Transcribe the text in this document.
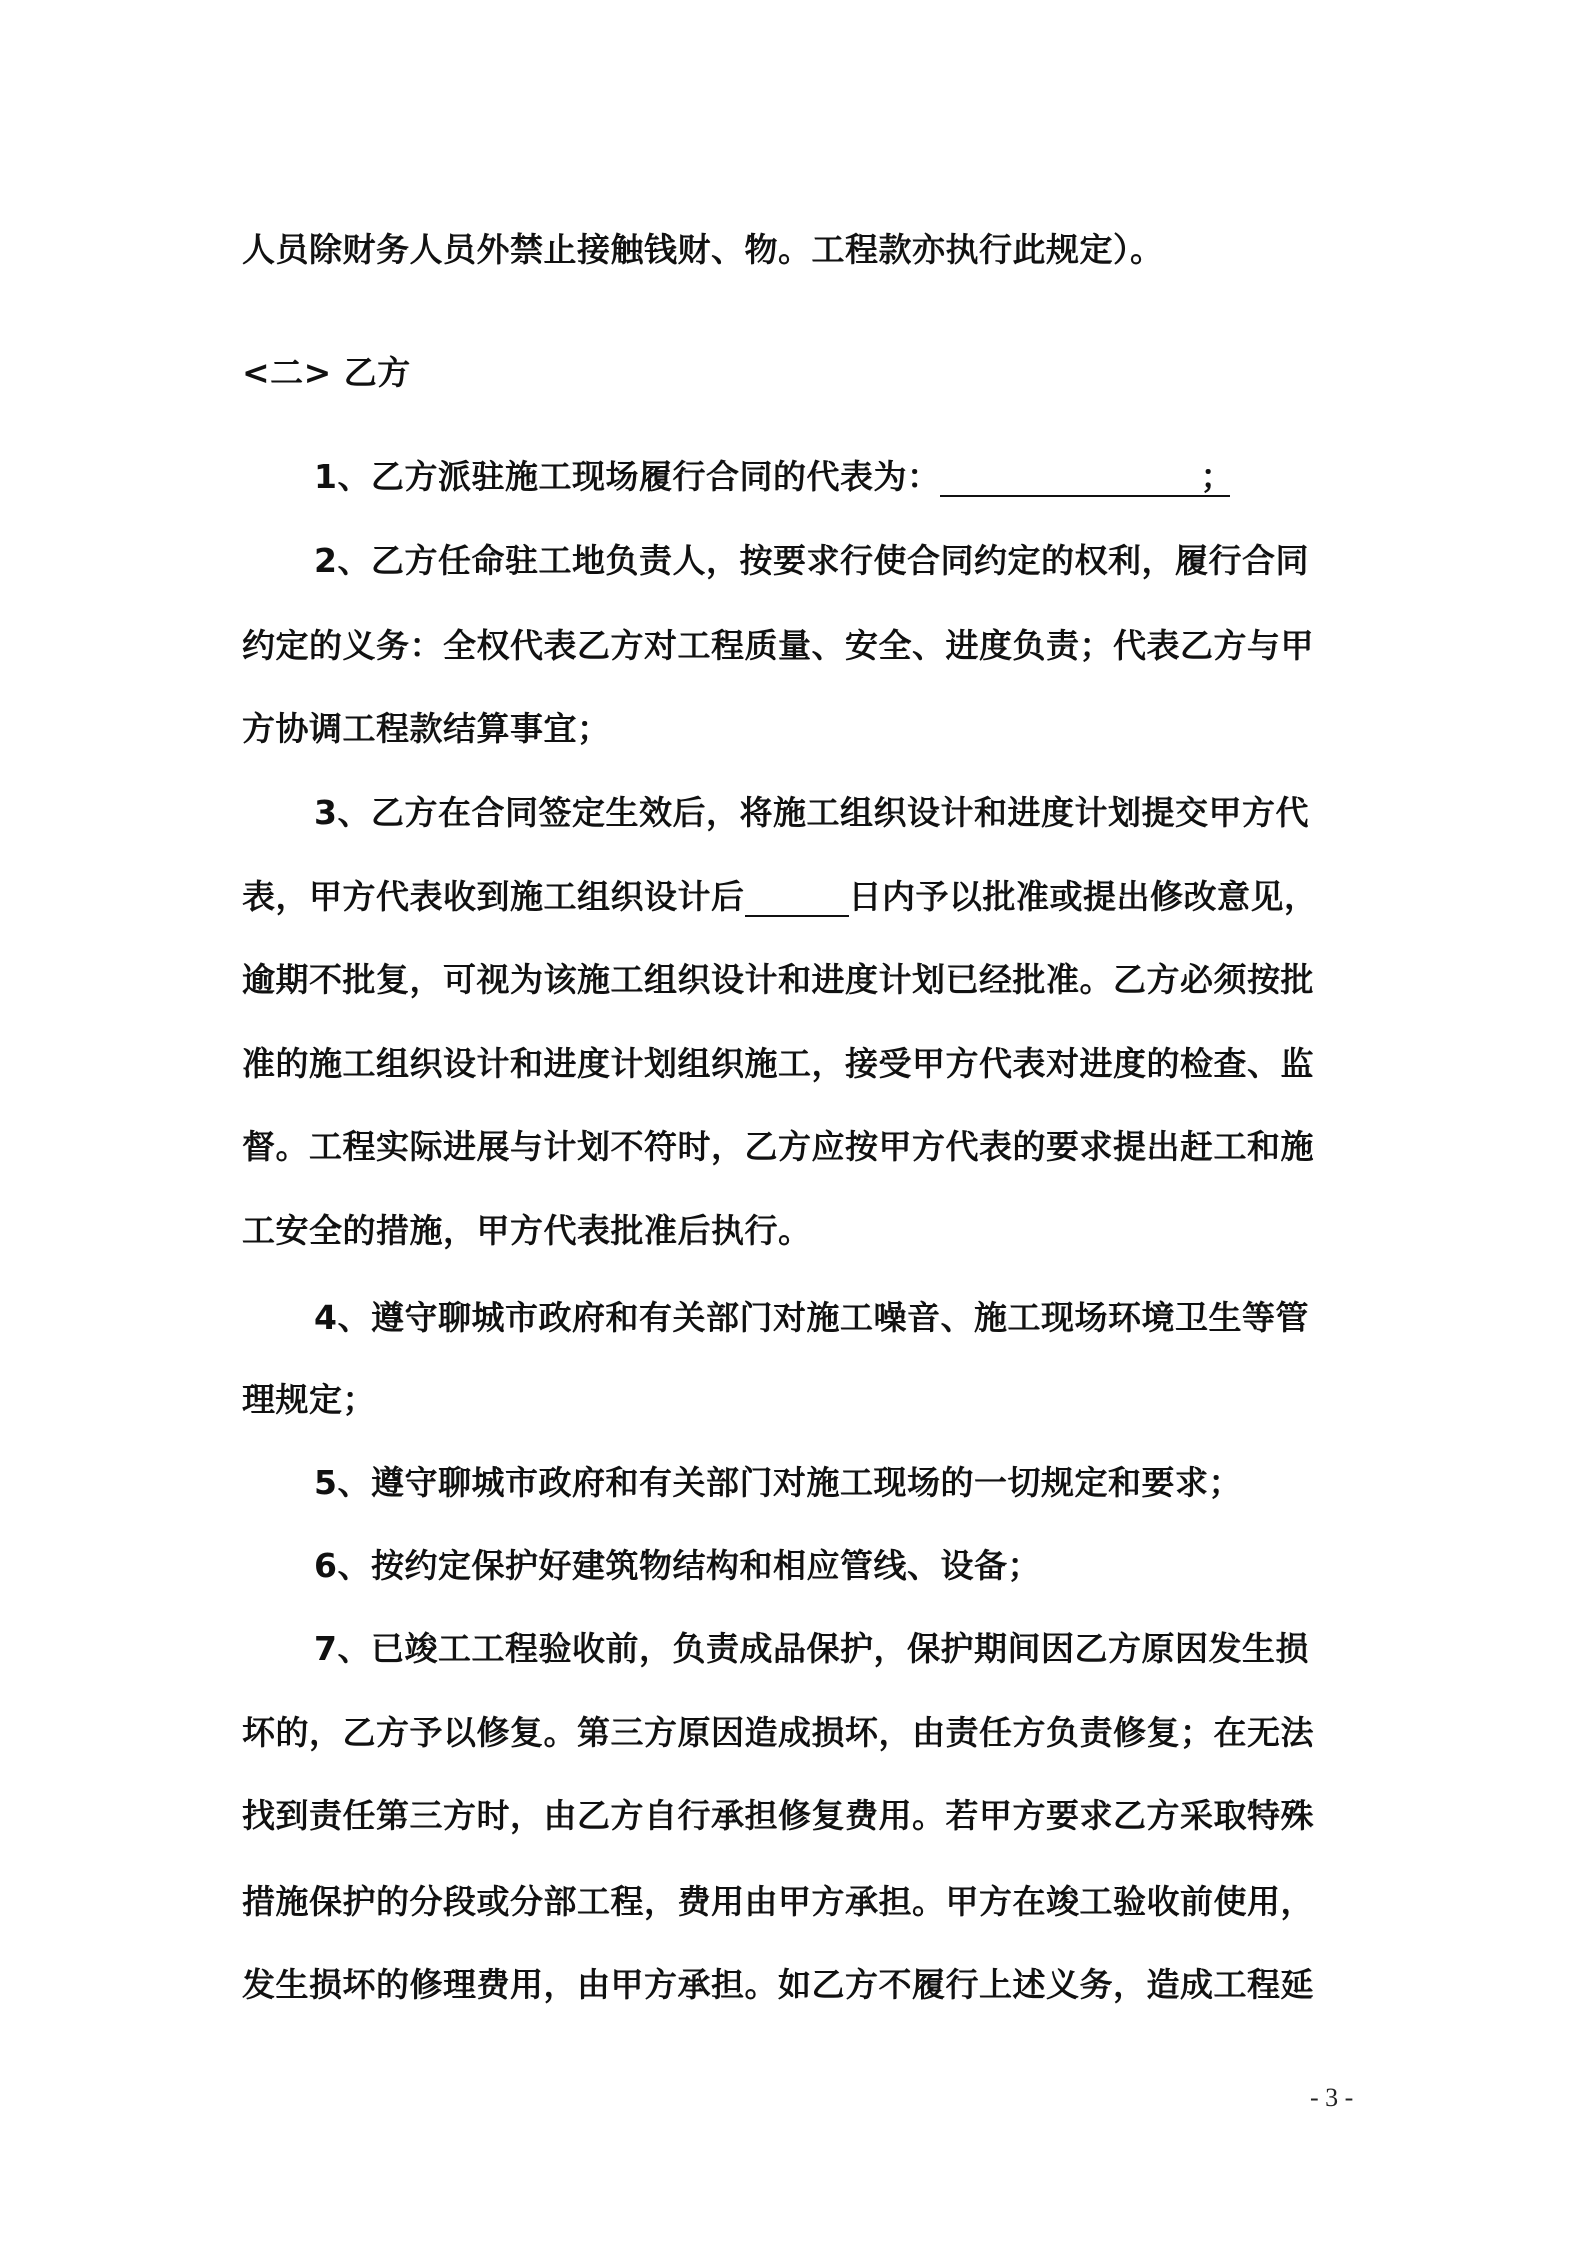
人员除财务人员外禁止接触钱财、物。工程款亦执行此规定）。
<二> 乙方
1、乙方派驻施工现场履行合同的代表为：	；
2、乙方任命驻工地负责人，按要求行使合同约定的权利，履行合同
约定的义务：全权代表乙方对工程质量、安全、进度负责；代表乙方与甲
方协调工程款结算事宜；
3、乙方在合同签定生效后，将施工组织设计和进度计划提交甲方代
表，甲方代表收到施工组织设计后	日内予以批准或提出修改意见，
逾期不批复，可视为该施工组织设计和进度计划已经批准。乙方必须按批
准的施工组织设计和进度计划组织施工，接受甲方代表对进度的检查、监
督。工程实际进展与计划不符时，乙方应按甲方代表的要求提出赶工和施
工安全的措施，甲方代表批准后执行。
4、遵守聊城市政府和有关部门对施工噪音、施工现场环境卫生等管
理规定；
5、遵守聊城市政府和有关部门对施工现场的一切规定和要求；
6、按约定保护好建筑物结构和相应管线、设备；
7、已竣工工程验收前，负责成品保护，保护期间因乙方原因发生损
坏的，乙方予以修复。第三方原因造成损坏，由责任方负责修复；在无法
找到责任第三方时，由乙方自行承担修复费用。若甲方要求乙方采取特殊
措施保护的分段或分部工程，费用由甲方承担。甲方在竣工验收前使用，
发生损坏的修理费用，由甲方承担。如乙方不履行上述义务，造成工程延
- 3 -
